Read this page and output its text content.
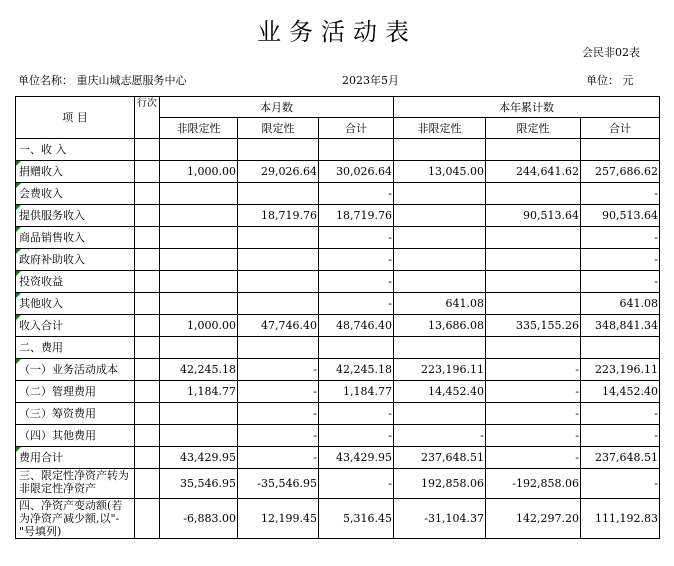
业务活动表
会民非02表
单位名称： 重庆山城志愿服务中心	2023年5月	单位： 元
项 目	行次	本月数			本年累计数		
		非限定性	限定性	合计	非限定性	限定性	合计
一、收 入							
捐赠收入		1,000.00	29,026.64	30,026.64	13,045.00	244,641.62	257,686.62
会费收入				-			-
提供服务收入			18,719.76	18,719.76		90,513.64	90,513.64
商品销售收入				-			-
政府补助收入				-			-
投资收益				-			-
其他收入				-	641.08		641.08
收入合计		1,000.00	47,746.40	48,746.40	13,686.08	335,155.26	348,841.34
二、费用							
（一）业务活动成本		42,245.18	-	42,245.18	223,196.11	-	223,196.11
（二）管理费用		1,184.77	-	1,184.77	14,452.40	-	14,452.40
（三）筹资费用			-	-		-	-
（四）其他费用			-	-	-	-	-
费用合计		43,429.95	-	43,429.95	237,648.51	-	237,648.51
三、限定性净资产转为非限定性净资产		35,546.95	-35,546.95	-	192,858.06	-192,858.06	-
四、净资产变动额(若为净资产减少额,以"-"号填列)		-6,883.00	12,199.45	5,316.45	-31,104.37	142,297.20	111,192.83
